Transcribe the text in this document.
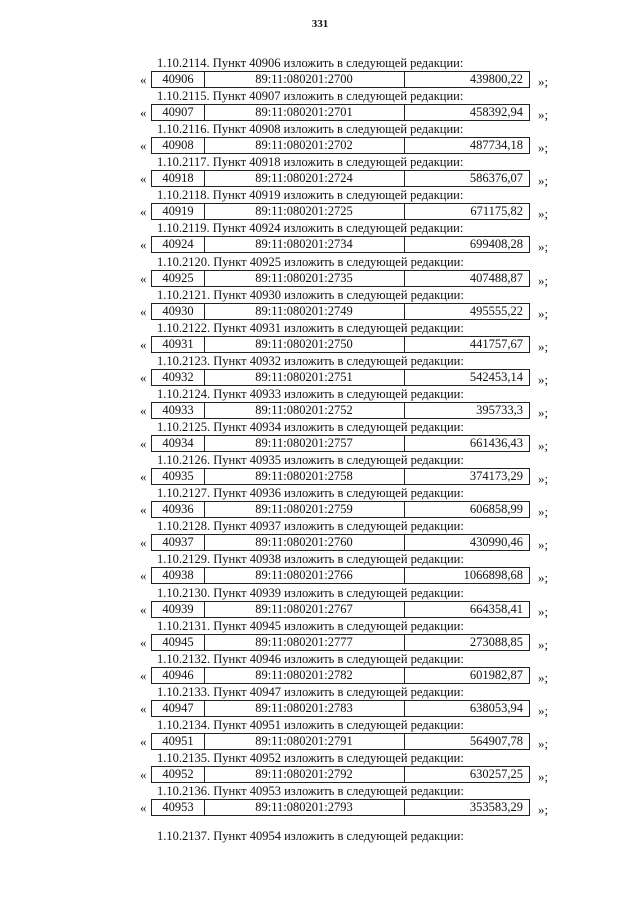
331
1.10.2114. Пункт 40906 изложить в следующей редакции:
«	40906	89:11:080201:2700	439800,22	»;
1.10.2115. Пункт 40907 изложить в следующей редакции:
«	40907	89:11:080201:2701	458392,94	»;
1.10.2116. Пункт 40908 изложить в следующей редакции:
«	40908	89:11:080201:2702	487734,18	»;
1.10.2117. Пункт 40918 изложить в следующей редакции:
«	40918	89:11:080201:2724	586376,07	»;
1.10.2118. Пункт 40919 изложить в следующей редакции:
«	40919	89:11:080201:2725	671175,82	»;
1.10.2119. Пункт 40924 изложить в следующей редакции:
«	40924	89:11:080201:2734	699408,28	»;
1.10.2120. Пункт 40925 изложить в следующей редакции:
«	40925	89:11:080201:2735	407488,87	»;
1.10.2121. Пункт 40930 изложить в следующей редакции:
«	40930	89:11:080201:2749	495555,22	»;
1.10.2122. Пункт 40931 изложить в следующей редакции:
«	40931	89:11:080201:2750	441757,67	»;
1.10.2123. Пункт 40932 изложить в следующей редакции:
«	40932	89:11:080201:2751	542453,14	»;
1.10.2124. Пункт 40933 изложить в следующей редакции:
«	40933	89:11:080201:2752	395733,3	»;
1.10.2125. Пункт 40934 изложить в следующей редакции:
«	40934	89:11:080201:2757	661436,43	»;
1.10.2126. Пункт 40935 изложить в следующей редакции:
«	40935	89:11:080201:2758	374173,29	»;
1.10.2127. Пункт 40936 изложить в следующей редакции:
«	40936	89:11:080201:2759	606858,99	»;
1.10.2128. Пункт 40937 изложить в следующей редакции:
«	40937	89:11:080201:2760	430990,46	»;
1.10.2129. Пункт 40938 изложить в следующей редакции:
«	40938	89:11:080201:2766	1066898,68	»;
1.10.2130. Пункт 40939 изложить в следующей редакции:
«	40939	89:11:080201:2767	664358,41	»;
1.10.2131. Пункт 40945 изложить в следующей редакции:
«	40945	89:11:080201:2777	273088,85	»;
1.10.2132. Пункт 40946 изложить в следующей редакции:
«	40946	89:11:080201:2782	601982,87	»;
1.10.2133. Пункт 40947 изложить в следующей редакции:
«	40947	89:11:080201:2783	638053,94	»;
1.10.2134. Пункт 40951 изложить в следующей редакции:
«	40951	89:11:080201:2791	564907,78	»;
1.10.2135. Пункт 40952 изложить в следующей редакции:
«	40952	89:11:080201:2792	630257,25	»;
1.10.2136. Пункт 40953 изложить в следующей редакции:
«	40953	89:11:080201:2793	353583,29	»;
1.10.2137. Пункт 40954 изложить в следующей редакции:
